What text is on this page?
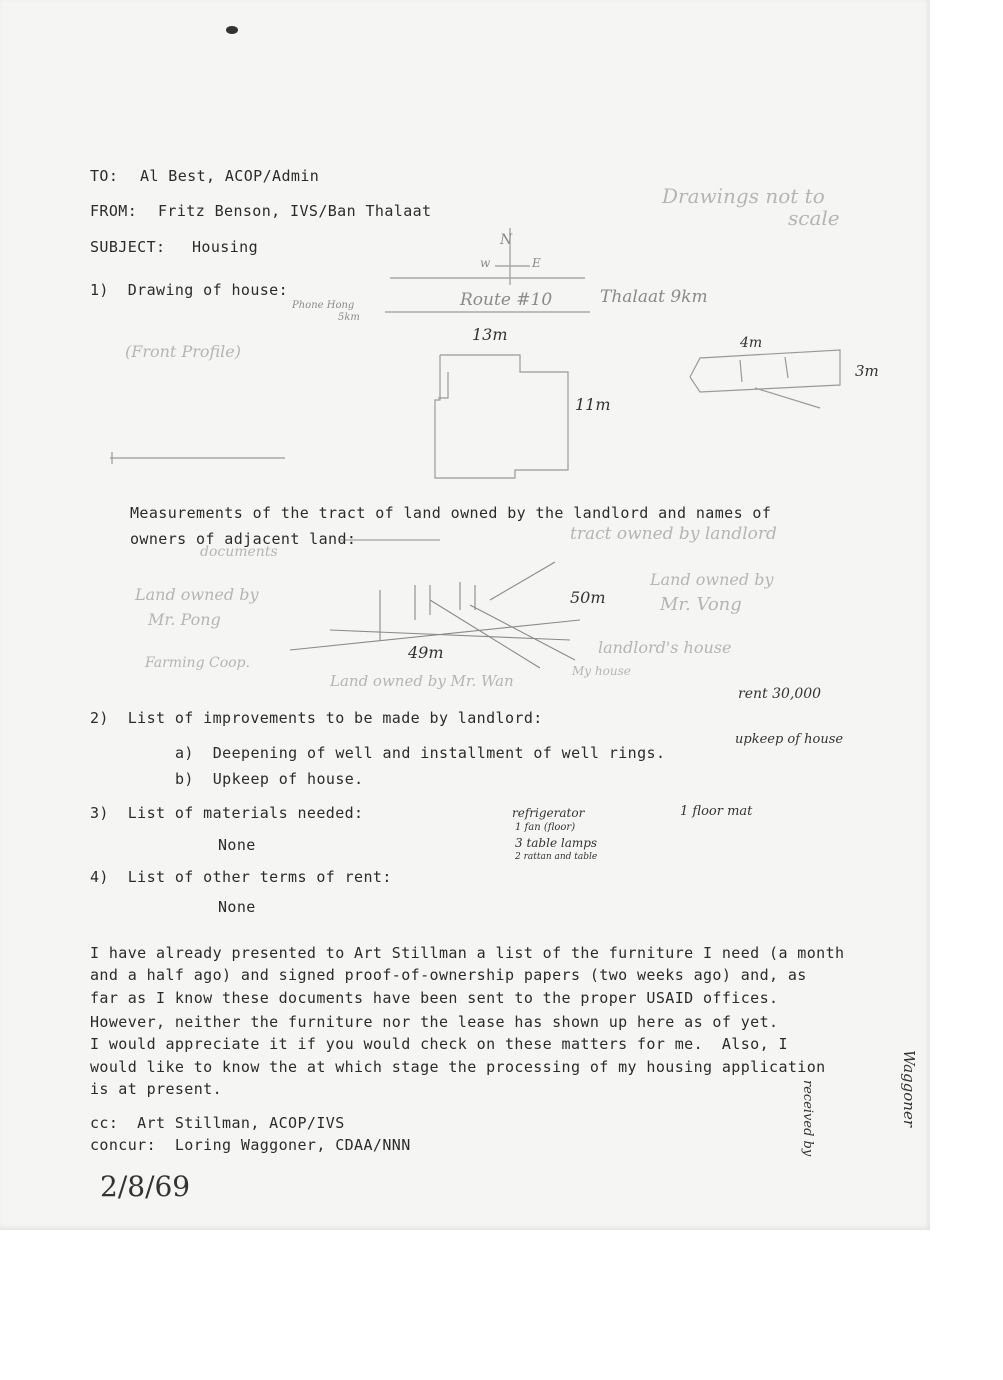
TO: Al Best, ACOP/Admin
FROM: Fritz Benson, IVS/Ban Thalaat
SUBJECT: Housing
Drawings not to
scale
1)  Drawing of house:
N
w	E
Route #10
Phone Hong
5km
Thalaat 9km
13m
11m
4m
3m
(Front Profile)
Measurements of the tract of land owned by the landlord and names of
owners of adjacent land:	tract owned by landlord
documents
Land owned by
Mr. Pong
50m
Land owned by
Mr. Vong
landlord's house
49m
Farming Coop.
Land owned by Mr. Wan
My house
rent 30,000
2)  List of improvements to be made by landlord:
a)  Deepening of well and installment of well rings.
b)  Upkeep of house.
upkeep of house
3)  List of materials needed:
None
refrigerator
1 fan (floor)
3 table lamps
2 rattan and table
1 floor mat
4)  List of other terms of rent:
None
I have already presented to Art Stillman a list of the furniture I need (a month
and a half ago) and signed proof-of-ownership papers (two weeks ago) and, as
far as I know these documents have been sent to the proper USAID offices.
However, neither the furniture nor the lease has shown up here as of yet.
I would appreciate it if you would check on these matters for me.  Also, I
would like to know the at which stage the processing of my housing application
is at present.
cc:  Art Stillman, ACOP/IVS
concur:  Loring Waggoner, CDAA/NNN
2/8/69
received by	Waggoner
